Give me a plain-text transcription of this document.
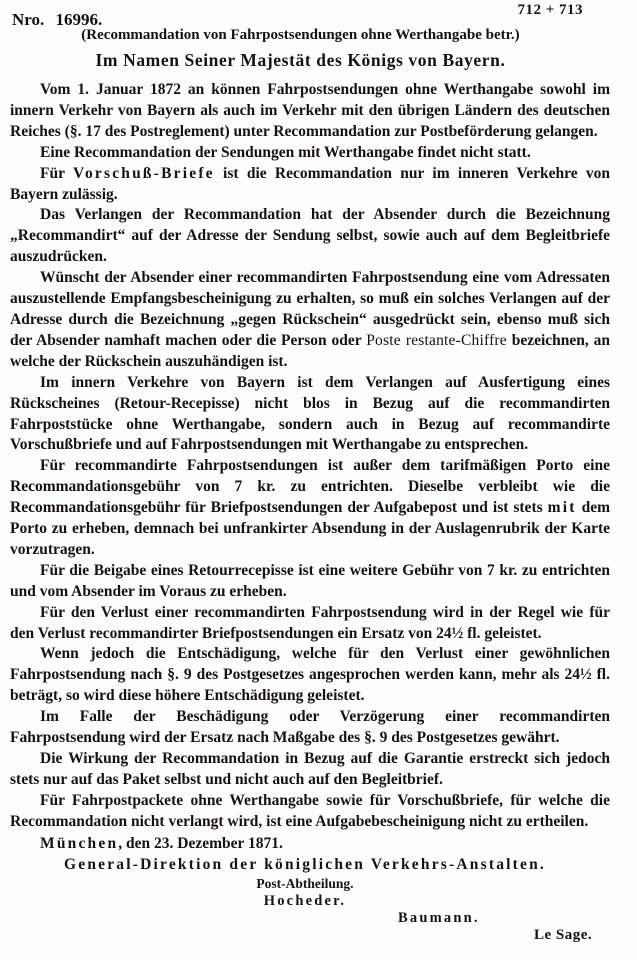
Nro. 16996.	712 + 713
(Recommandation von Fahrpostsendungen ohne Werthangabe betr.)
Im Namen Seiner Majestät des Königs von Bayern.

Vom 1. Januar 1872 an können Fahrpostsendungen ohne Werthangabe sowohl im innern Verkehr von Bayern als auch im Verkehr mit den übrigen Ländern des deutschen Reiches (§. 17 des Postreglement) unter Recommandation zur Postbeförderung gelangen.

Eine Recommandation der Sendungen mit Werthangabe findet nicht statt.

Für Vorschuß-Briefe ist die Recommandation nur im inneren Verkehre von Bayern zulässig.

Das Verlangen der Recommandation hat der Absender durch die Bezeichnung „Recommandirt“ auf der Adresse der Sendung selbst, sowie auch auf dem Begleitbriefe auszudrücken.

Wünscht der Absender einer recommandirten Fahrpostsendung eine vom Adressaten auszustellende Empfangsbescheinigung zu erhalten, so muß ein solches Verlangen auf der Adresse durch die Bezeichnung „gegen Rückschein“ ausgedrückt sein, ebenso muß sich der Absender namhaft machen oder die Person oder Poste restante-Chiffre bezeichnen, an welche der Rückschein auszuhändigen ist.

Im innern Verkehre von Bayern ist dem Verlangen auf Ausfertigung eines Rückscheines (Retour-Recepisse) nicht blos in Bezug auf die recommandirten Fahrpoststücke ohne Werthangabe, sondern auch in Bezug auf recommandirte Vorschußbriefe und auf Fahrpostsendungen mit Werthangabe zu entsprechen.

Für recommandirte Fahrpostsendungen ist außer dem tarifmäßigen Porto eine Recommandationsgebühr von 7 kr. zu entrichten. Dieselbe verbleibt wie die Recommandationsgebühr für Briefpostsendungen der Aufgabepost und ist stets mit dem Porto zu erheben, demnach bei unfrankirter Absendung in der Auslagenrubrik der Karte vorzutragen.

Für die Beigabe eines Retourrecepisse ist eine weitere Gebühr von 7 kr. zu entrichten und vom Absender im Voraus zu erheben.

Für den Verlust einer recommandirten Fahrpostsendung wird in der Regel wie für den Verlust recommandirter Briefpostsendungen ein Ersatz von 24½ fl. geleistet.

Wenn jedoch die Entschädigung, welche für den Verlust einer gewöhnlichen Fahrpostsendung nach §. 9 des Postgesetzes angesprochen werden kann, mehr als 24½ fl. beträgt, so wird diese höhere Entschädigung geleistet.

Im Falle der Beschädigung oder Verzögerung einer recommandirten Fahrpostsendung wird der Ersatz nach Maßgabe des §. 9 des Postgesetzes gewährt.

Die Wirkung der Recommandation in Bezug auf die Garantie erstreckt sich jedoch stets nur auf das Paket selbst und nicht auch auf den Begleitbrief.

Für Fahrpostpackete ohne Werthangabe sowie für Vorschußbriefe, für welche die Recommandation nicht verlangt wird, ist eine Aufgabebescheinigung nicht zu ertheilen.

München, den 23. Dezember 1871.
General-Direktion der königlichen Verkehrs-Anstalten.
Post-Abtheilung.
Hocheder.
Baumann.
Le Sage.
